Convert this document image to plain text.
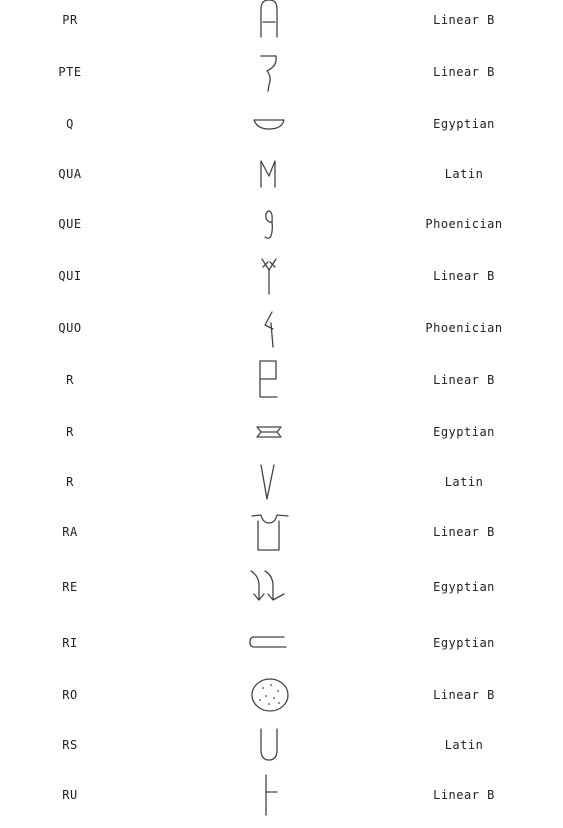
PR	Linear B
PTE	Linear B
Q	Egyptian
QUA	Latin
QUE	Phoenician
QUI	Linear B
QUO	Phoenician
R	Linear B
R	Egyptian
R	Latin
RA	Linear B
RE	Egyptian
RI	Egyptian
RO	Linear B
RS	Latin
RU	Linear B
